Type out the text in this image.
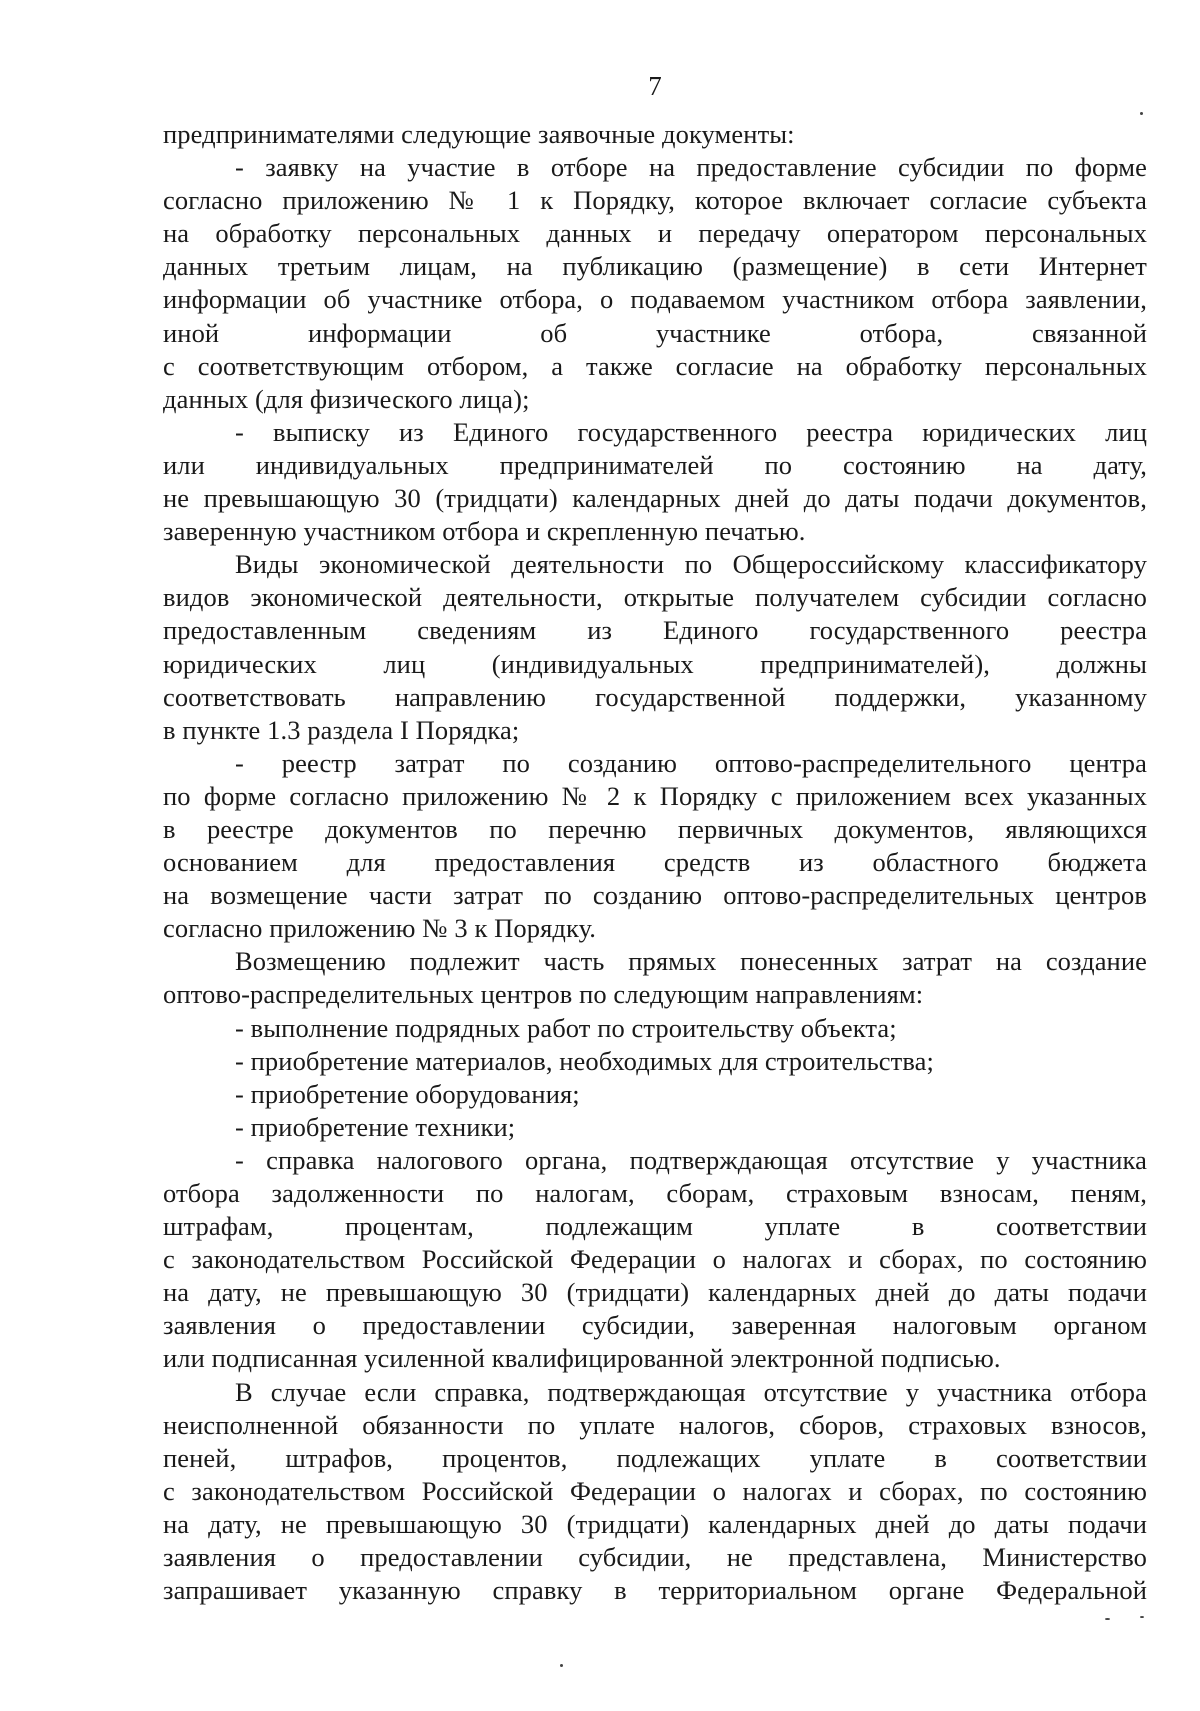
7
предпринимателями следующие заявочные документы:
- заявку на участие в отборе на предоставление субсидии по форме
согласно приложению № 1 к Порядку, которое включает согласие субъекта
на обработку персональных данных и передачу оператором персональных
данных третьим лицам, на публикацию (размещение) в сети Интернет
информации об участнике отбора, о подаваемом участником отбора заявлении,
иной информации об участнике отбора, связанной
с соответствующим отбором, а также согласие на обработку персональных
данных (для физического лица);
- выписку из Единого государственного реестра юридических лиц
или индивидуальных предпринимателей по состоянию на дату,
не превышающую 30 (тридцати) календарных дней до даты подачи документов,
заверенную участником отбора и скрепленную печатью.
Виды экономической деятельности по Общероссийскому классификатору
видов экономической деятельности, открытые получателем субсидии согласно
предоставленным сведениям из Единого государственного реестра
юридических лиц (индивидуальных предпринимателей), должны
соответствовать направлению государственной поддержки, указанному
в пункте 1.3 раздела I Порядка;
- реестр затрат по созданию оптово-распределительного центра
по форме согласно приложению № 2 к Порядку с приложением всех указанных
в реестре документов по перечню первичных документов, являющихся
основанием для предоставления средств из областного бюджета
на возмещение части затрат по созданию оптово-распределительных центров
согласно приложению № 3 к Порядку.
Возмещению подлежит часть прямых понесенных затрат на создание
оптово-распределительных центров по следующим направлениям:
- выполнение подрядных работ по строительству объекта;
- приобретение материалов, необходимых для строительства;
- приобретение оборудования;
- приобретение техники;
- справка налогового органа, подтверждающая отсутствие у участника
отбора задолженности по налогам, сборам, страховым взносам, пеням,
штрафам, процентам, подлежащим уплате в соответствии
с законодательством Российской Федерации о налогах и сборах, по состоянию
на дату, не превышающую 30 (тридцати) календарных дней до даты подачи
заявления о предоставлении субсидии, заверенная налоговым органом
или подписанная усиленной квалифицированной электронной подписью.
В случае если справка, подтверждающая отсутствие у участника отбора
неисполненной обязанности по уплате налогов, сборов, страховых взносов,
пеней, штрафов, процентов, подлежащих уплате в соответствии
с законодательством Российской Федерации о налогах и сборах, по состоянию
на дату, не превышающую 30 (тридцати) календарных дней до даты подачи
заявления о предоставлении субсидии, не представлена, Министерство
запрашивает указанную справку в территориальном органе Федеральной
